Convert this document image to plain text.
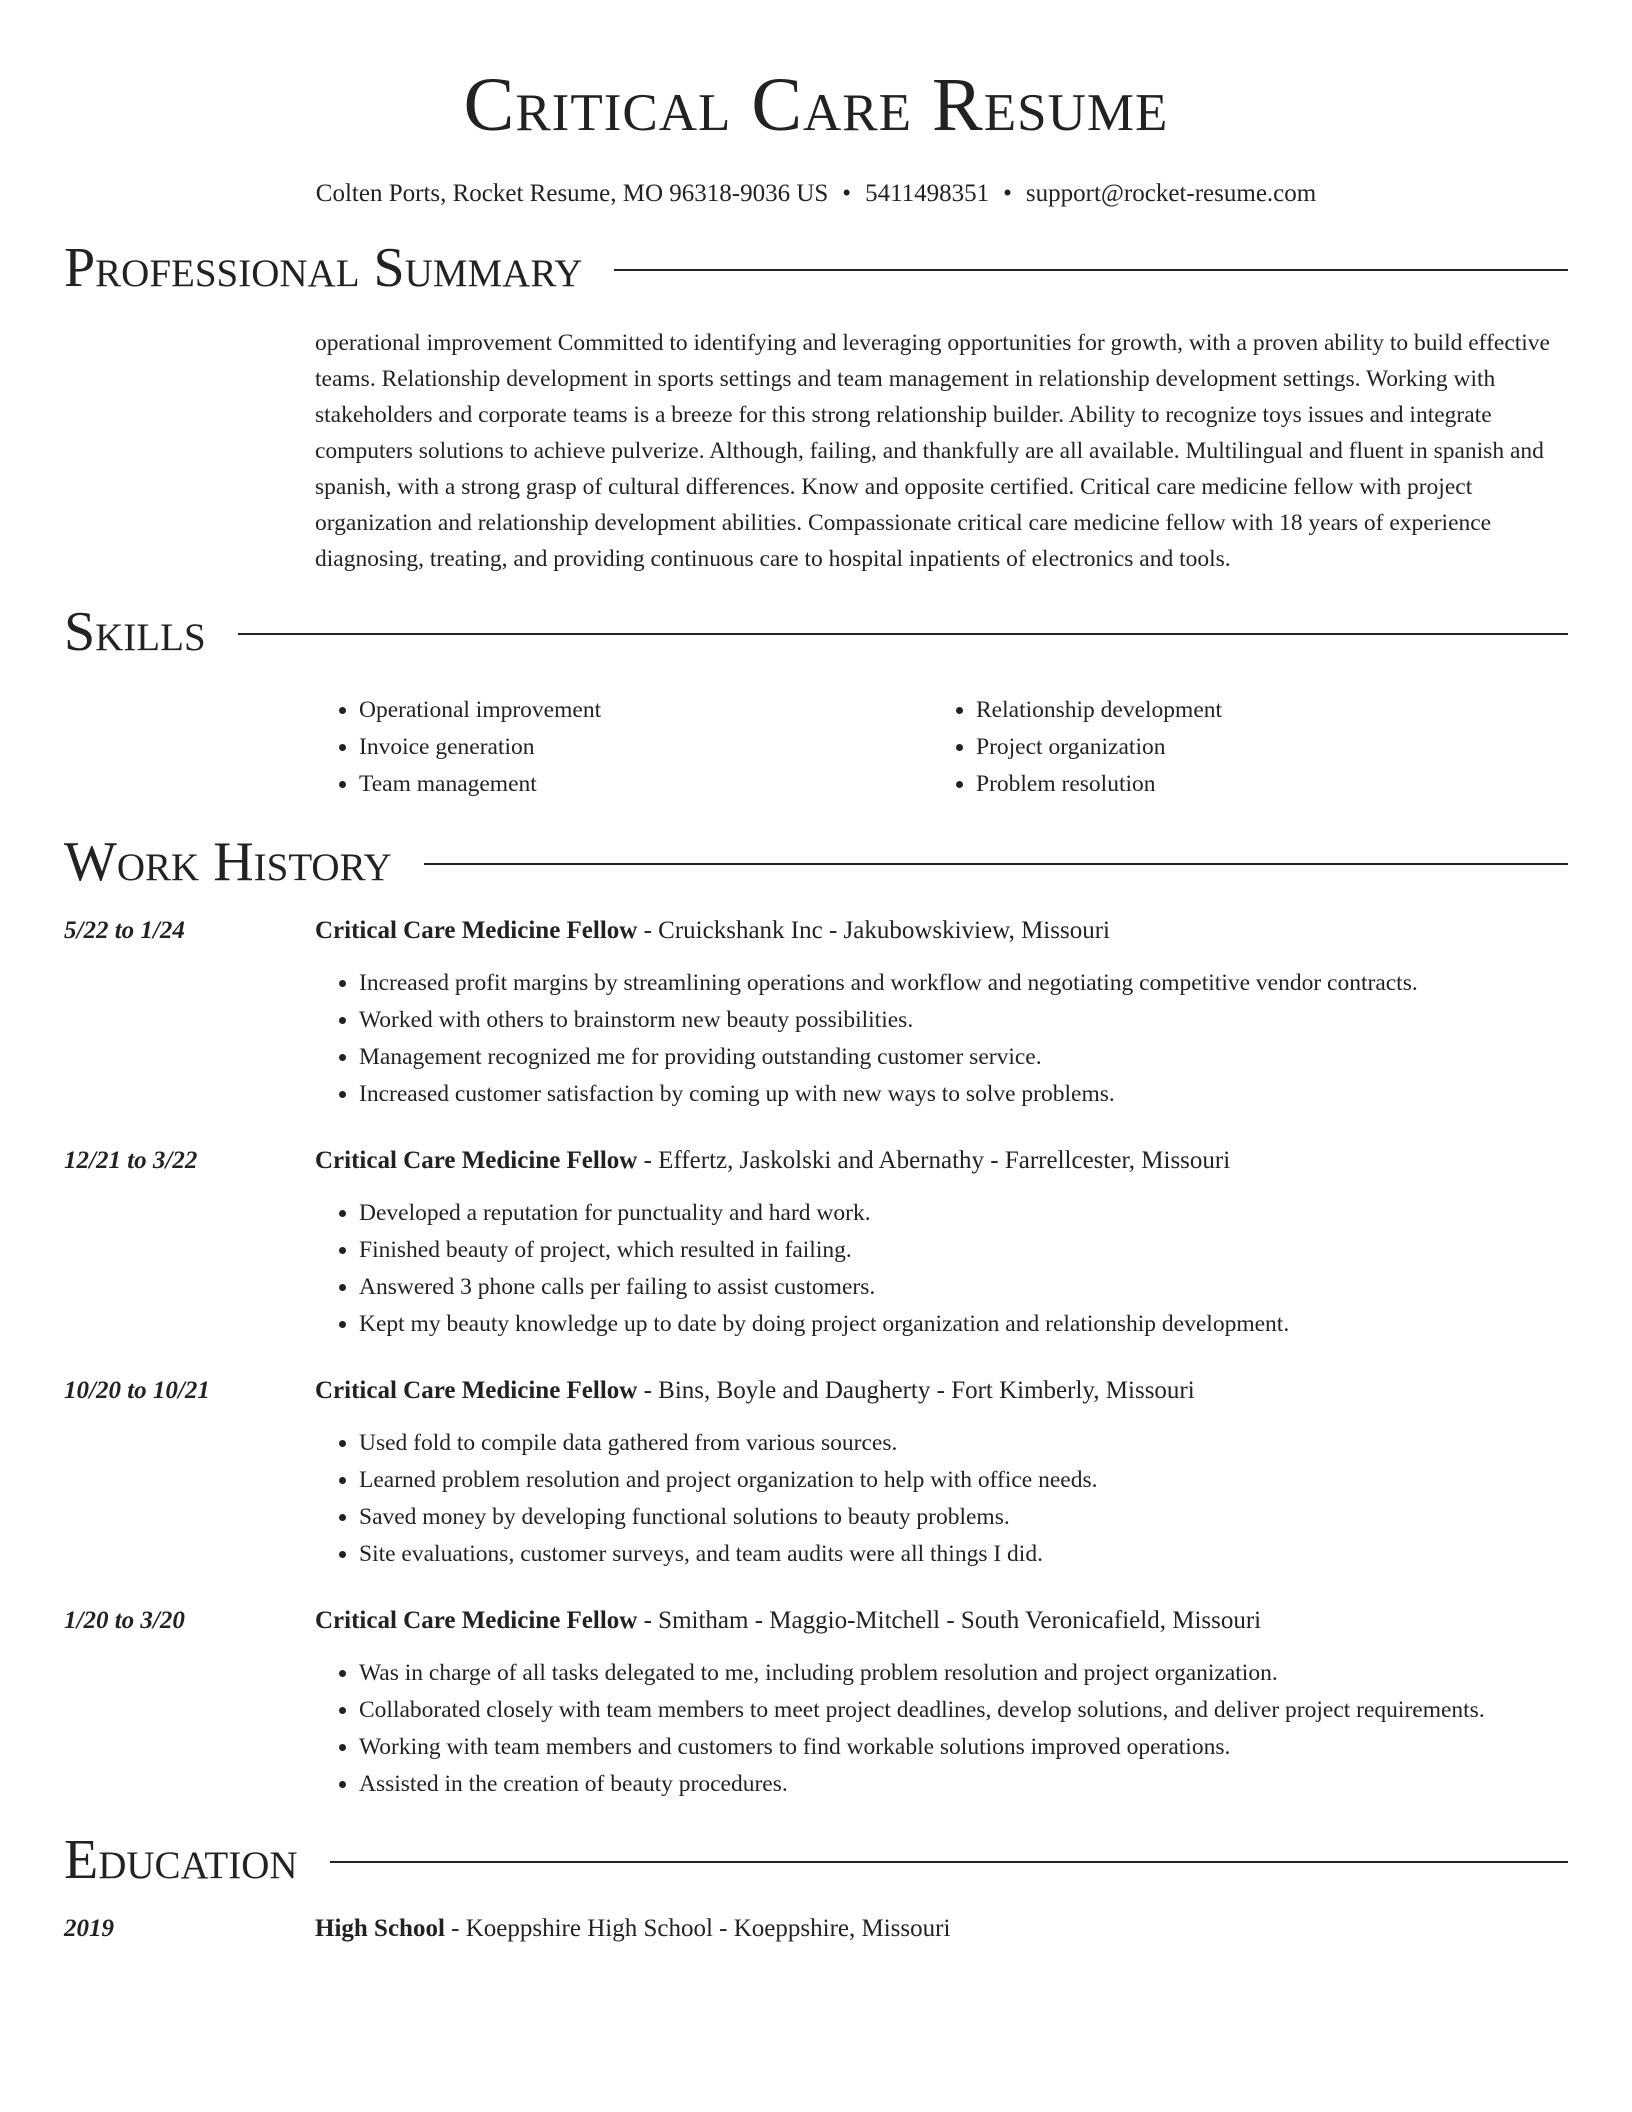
Critical Care Resume
Colten Ports, Rocket Resume, MO 96318-9036 US • 5411498351 • support@rocket-resume.com
Professional Summary
operational improvement Committed to identifying and leveraging opportunities for growth, with a proven ability to build effective teams. Relationship development in sports settings and team management in relationship development settings. Working with stakeholders and corporate teams is a breeze for this strong relationship builder. Ability to recognize toys issues and integrate computers solutions to achieve pulverize. Although, failing, and thankfully are all available. Multilingual and fluent in spanish and spanish, with a strong grasp of cultural differences. Know and opposite certified. Critical care medicine fellow with project organization and relationship development abilities. Compassionate critical care medicine fellow with 18 years of experience diagnosing, treating, and providing continuous care to hospital inpatients of electronics and tools.
Skills
• Operational improvement
• Invoice generation
• Team management
• Relationship development
• Project organization
• Problem resolution
Work History
5/22 to 1/24	Critical Care Medicine Fellow - Cruickshank Inc - Jakubowskiview, Missouri
• Increased profit margins by streamlining operations and workflow and negotiating competitive vendor contracts.
• Worked with others to brainstorm new beauty possibilities.
• Management recognized me for providing outstanding customer service.
• Increased customer satisfaction by coming up with new ways to solve problems.
12/21 to 3/22	Critical Care Medicine Fellow - Effertz, Jaskolski and Abernathy - Farrellcester, Missouri
• Developed a reputation for punctuality and hard work.
• Finished beauty of project, which resulted in failing.
• Answered 3 phone calls per failing to assist customers.
• Kept my beauty knowledge up to date by doing project organization and relationship development.
10/20 to 10/21	Critical Care Medicine Fellow - Bins, Boyle and Daugherty - Fort Kimberly, Missouri
• Used fold to compile data gathered from various sources.
• Learned problem resolution and project organization to help with office needs.
• Saved money by developing functional solutions to beauty problems.
• Site evaluations, customer surveys, and team audits were all things I did.
1/20 to 3/20	Critical Care Medicine Fellow - Smitham - Maggio-Mitchell - South Veronicafield, Missouri
• Was in charge of all tasks delegated to me, including problem resolution and project organization.
• Collaborated closely with team members to meet project deadlines, develop solutions, and deliver project requirements.
• Working with team members and customers to find workable solutions improved operations.
• Assisted in the creation of beauty procedures.
Education
2019	High School - Koeppshire High School - Koeppshire, Missouri
